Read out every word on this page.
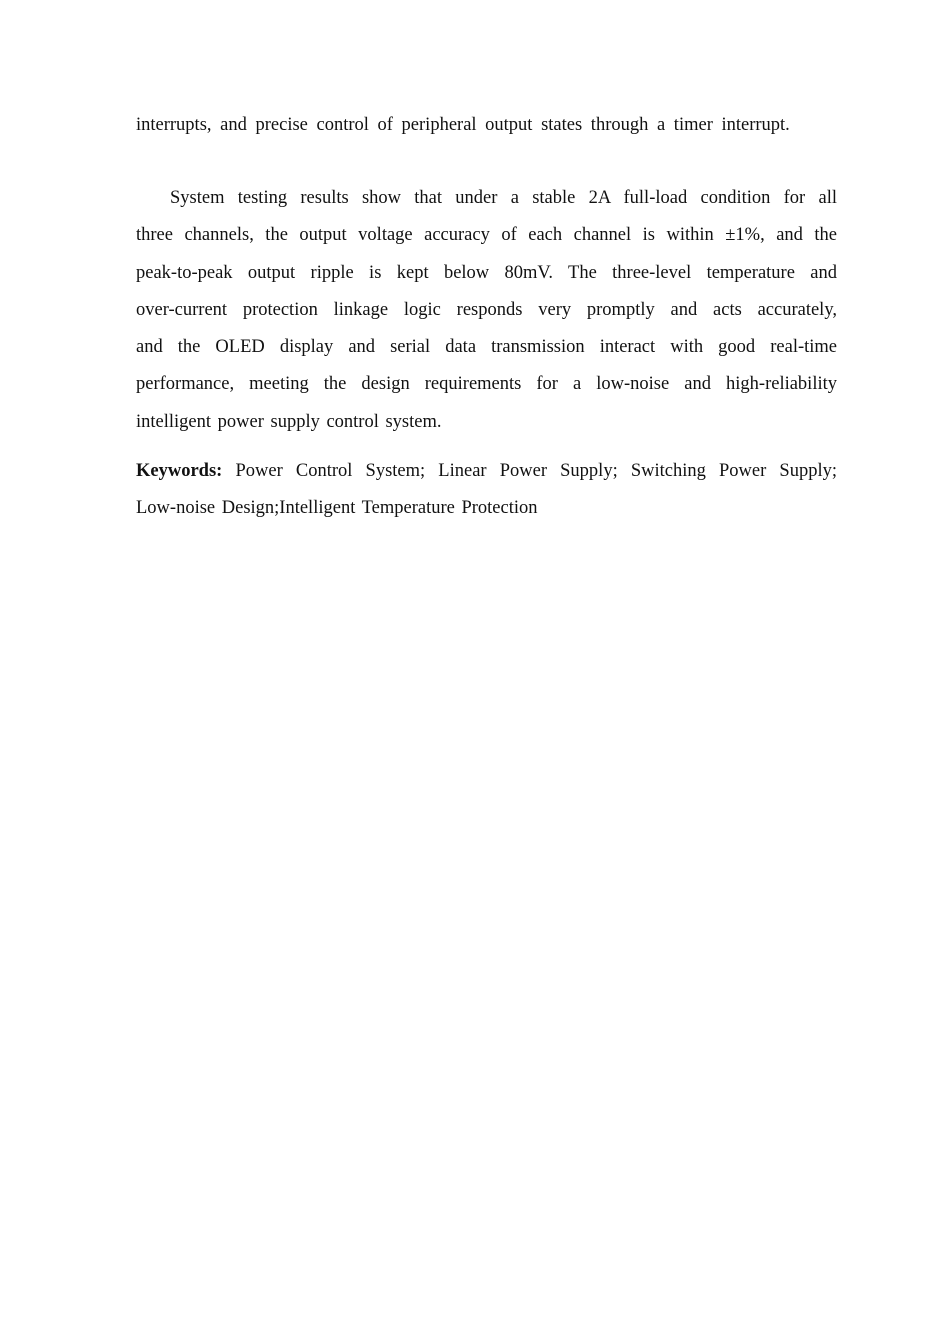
interrupts, and precise control of peripheral output states through a timer interrupt.
System testing results show that under a stable 2A full-load condition for all
three channels, the output voltage accuracy of each channel is within ±1%, and the
peak-to-peak output ripple is kept below 80mV. The three-level temperature and
over-current protection linkage logic responds very promptly and acts accurately,
and the OLED display and serial data transmission interact with good real-time
performance, meeting the design requirements for a low-noise and high-reliability
intelligent power supply control system.
Keywords: Power Control System; Linear Power Supply; Switching Power Supply;
Low-noise Design;Intelligent Temperature Protection
